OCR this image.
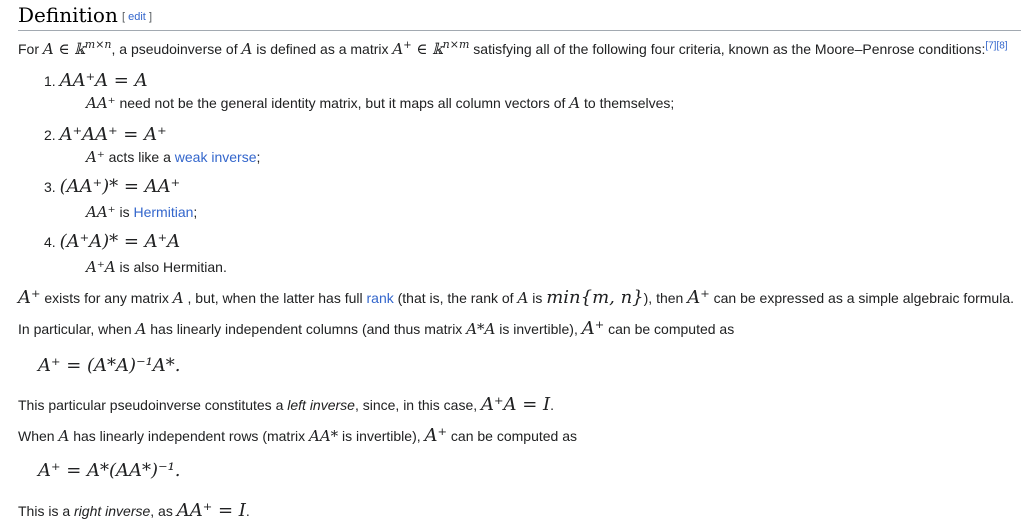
Definition [ edit ]
For A ∈ 𝕜$^{m\times n}$, a pseudoinverse of A is defined as a matrix A+ ∈ 𝕜$^{n\times m}$ satisfying all of the following four criteria, known as the Moore–Penrose conditions:[7][8]
1. AA⁺A = A
AA⁺ need not be the general identity matrix, but it maps all column vectors of A to themselves;
2. A⁺AA⁺ = A⁺
A⁺ acts like a weak inverse;
3. (AA⁺)* = AA⁺
AA⁺ is Hermitian;
4. (A⁺A)* = A⁺A
A⁺A is also Hermitian.
A⁺ exists for any matrix A , but, when the latter has full rank (that is, the rank of A is min{m, n}), then A⁺ can be expressed as a simple algebraic formula.
In particular, when A has linearly independent columns (and thus matrix A*A is invertible), A⁺ can be computed as
A⁺ = (A*A)⁻¹A*.
This particular pseudoinverse constitutes a left inverse, since, in this case, A⁺A = I.
When A has linearly independent rows (matrix AA* is invertible), A⁺ can be computed as
A⁺ = A*(AA*)⁻¹.
This is a right inverse, as AA⁺ = I.
